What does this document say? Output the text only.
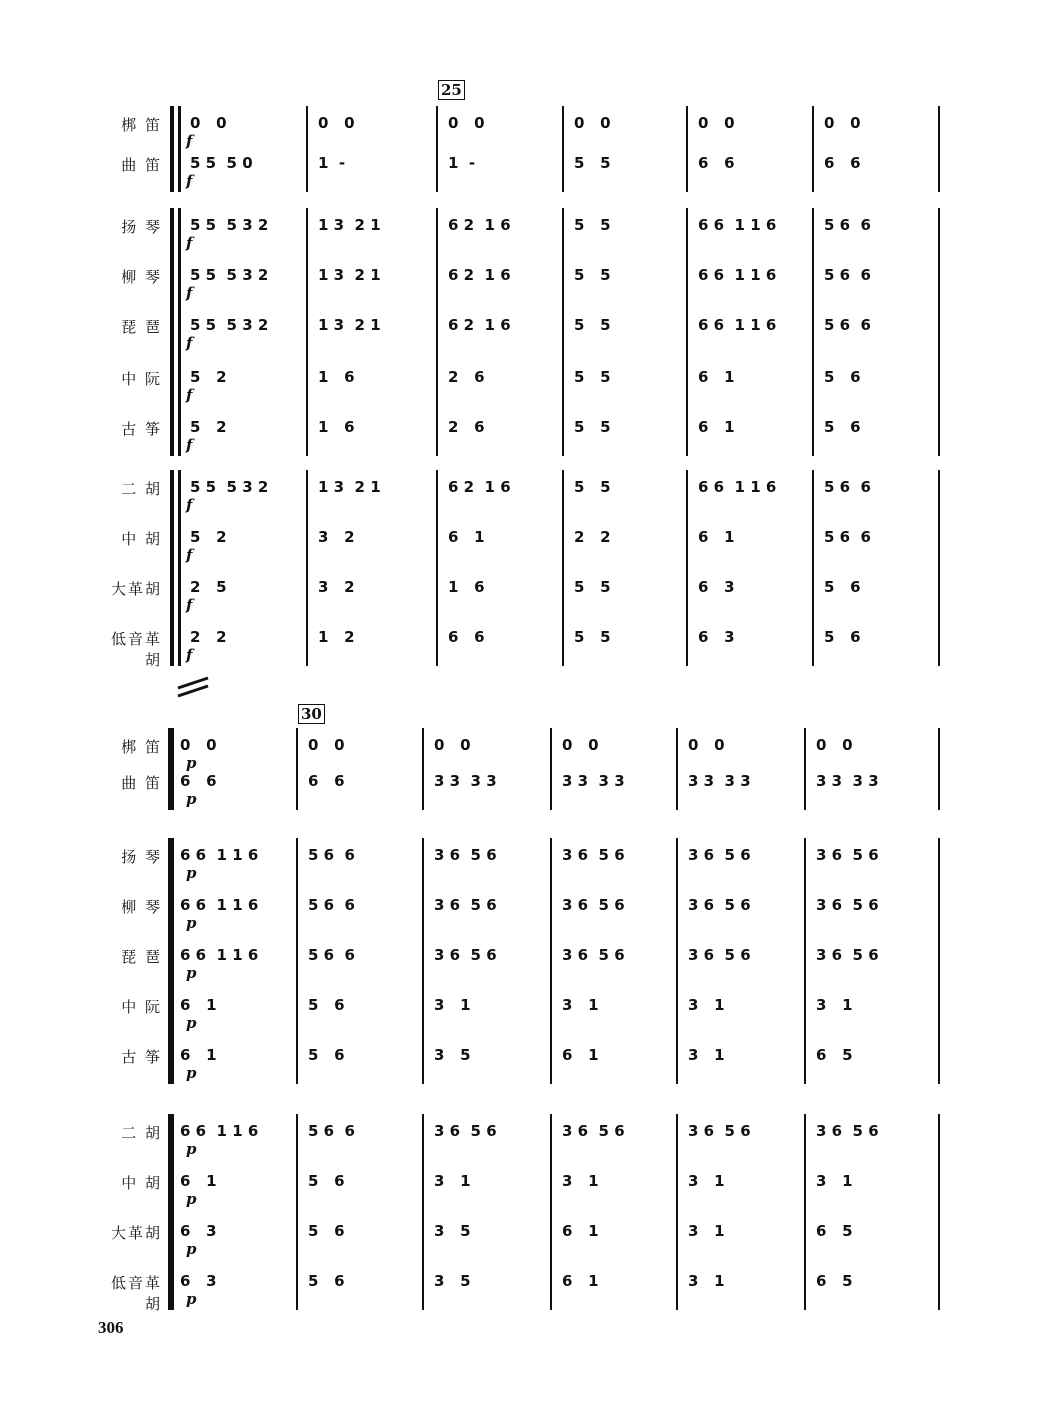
25
梆 笛
f
0   0	0   0	0   0	0   0	0   0	0   0
曲 笛
f
5 5  5 0	1  -	1  -	5   5	6   6	6   6
扬 琴
f
5 5  5 3 2	1 3  2 1	6 2  1 6	5   5	6 6  1 1 6	5 6  6
柳 琴
f
5 5  5 3 2	1 3  2 1	6 2  1 6	5   5	6 6  1 1 6	5 6  6
琵 琶
f
5 5  5 3 2	1 3  2 1	6 2  1 6	5   5	6 6  1 1 6	5 6  6
中 阮
f
5   2	1   6	2   6	5   5	6   1	5   6
古 筝
f
5   2	1   6	2   6	5   5	6   1	5   6
二 胡
f
5 5  5 3 2	1 3  2 1	6 2  1 6	5   5	6 6  1 1 6	5 6  6
中 胡
f
5   2	3   2	6   1	2   2	6   1	5 6  6
大革胡
f
2   5	3   2	1   6	5   5	6   3	5   6
低音革胡 f
2   2	1   2	6   6	5   5	6   3	5   6
30
梆 笛
p
0   0	0   0	0   0	0   0	0   0	0   0
曲 笛
p
6   6	6   6	3 3  3 3	3 3  3 3	3 3  3 3	3 3  3 3
扬 琴
p
6 6  1 1 6	5 6  6	3 6  5 6	3 6  5 6	3 6  5 6	3 6  5 6
柳 琴
p
6 6  1 1 6	5 6  6	3 6  5 6	3 6  5 6	3 6  5 6	3 6  5 6
琵 琶
p
6 6  1 1 6	5 6  6	3 6  5 6	3 6  5 6	3 6  5 6	3 6  5 6
中 阮
p
6   1	5   6	3   1	3   1	3   1	3   1
古 筝
p
6   1	5   6	3   5	6   1	3   1	6   5
二 胡
p
6 6  1 1 6	5 6  6	3 6  5 6	3 6  5 6	3 6  5 6	3 6  5 6
中 胡
p
6   1	5   6	3   1	3   1	3   1	3   1
大革胡
p
6   3	5   6	3   5	6   1	3   1	6   5
低音革胡 p
6   3	5   6	3   5	6   1	3   1	6   5
306
